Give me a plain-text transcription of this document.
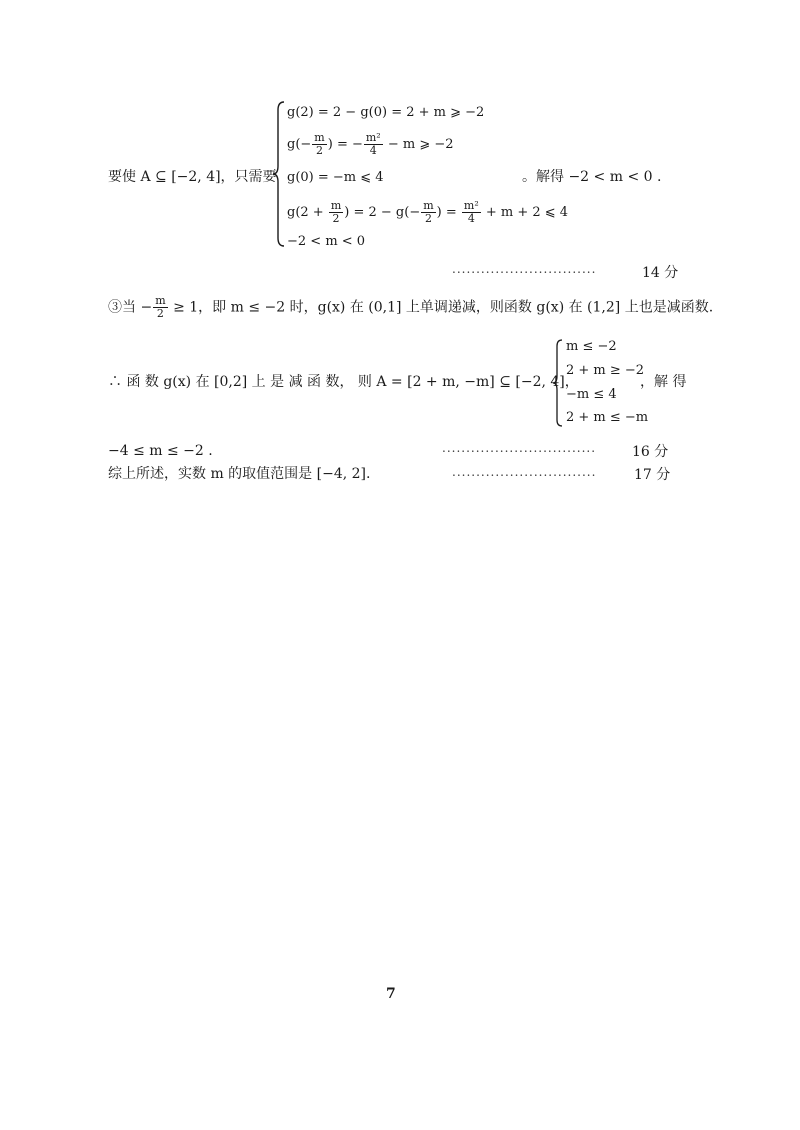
要使 A ⊆ [−2, 4]，只需要
g(2) = 2 − g(0) = 2 + m ⩾ −2
$g(- \frac{m}{2}$ ) = − $\frac{\text{m²}}{4} - m$ ⩾ −2
g(0) = −m ⩽ 4
$g(2 + \frac{m}{2}$ ) = $2 - g(- \frac{m}{2}$ ) = $\frac{\text{m²}}{4} + m + 2$ ⩽ 4
−2 < m < 0
。解得 −2 < m < 0 .
..............................	14 分
③当 − $\frac{m}{2} \ge 1$，即 m ≤ −2 时，g(x) 在 (0,1] 上单调递减，则函数 g(x) 在 (1,2] 上也是减函数.
∴ 函 数 g(x) 在 [0,2] 上 是 减 函 数， 则 A = [2 + m, −m] ⊆ [−2, 4]，
m ≤ −2
2 + m ≥ −2
−m ≤ 4
2 + m ≤ −m
，解 得
−4 ≤ m ≤ −2 .	................................	16 分
综上所述，实数 m 的取值范围是 [−4, 2].	..............................	17 分
7
